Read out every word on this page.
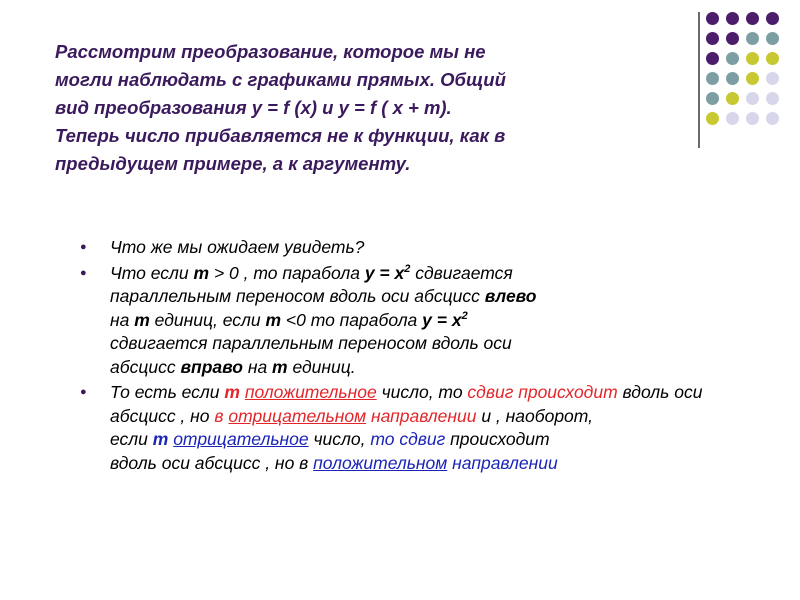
Рассмотрим преобразование, которое мы не
могли наблюдать с графиками прямых. Общий
вид преобразования y = f (x) и y = f ( x + m).
Теперь число прибавляется не к функции, как в
предыдущем примере, а к аргументу.
● Что же мы ожидаем увидеть?
● Что если m > 0 , то парабола $y = x^2$ сдвигается
параллельным переносом вдоль оси абсцисс влево
на m единиц, если m <0 то парабола $y = x^2$
сдвигается параллельным переносом вдоль оси
абсцисс вправо на m единиц.
● То есть если m положительное число, то сдвиг происходит вдоль оси абсцисс , но в отрицательном направлении и , наоборот,
если m отрицательное число, то сдвиг происходит
вдоль оси абсцисс , но в положительном направлении
